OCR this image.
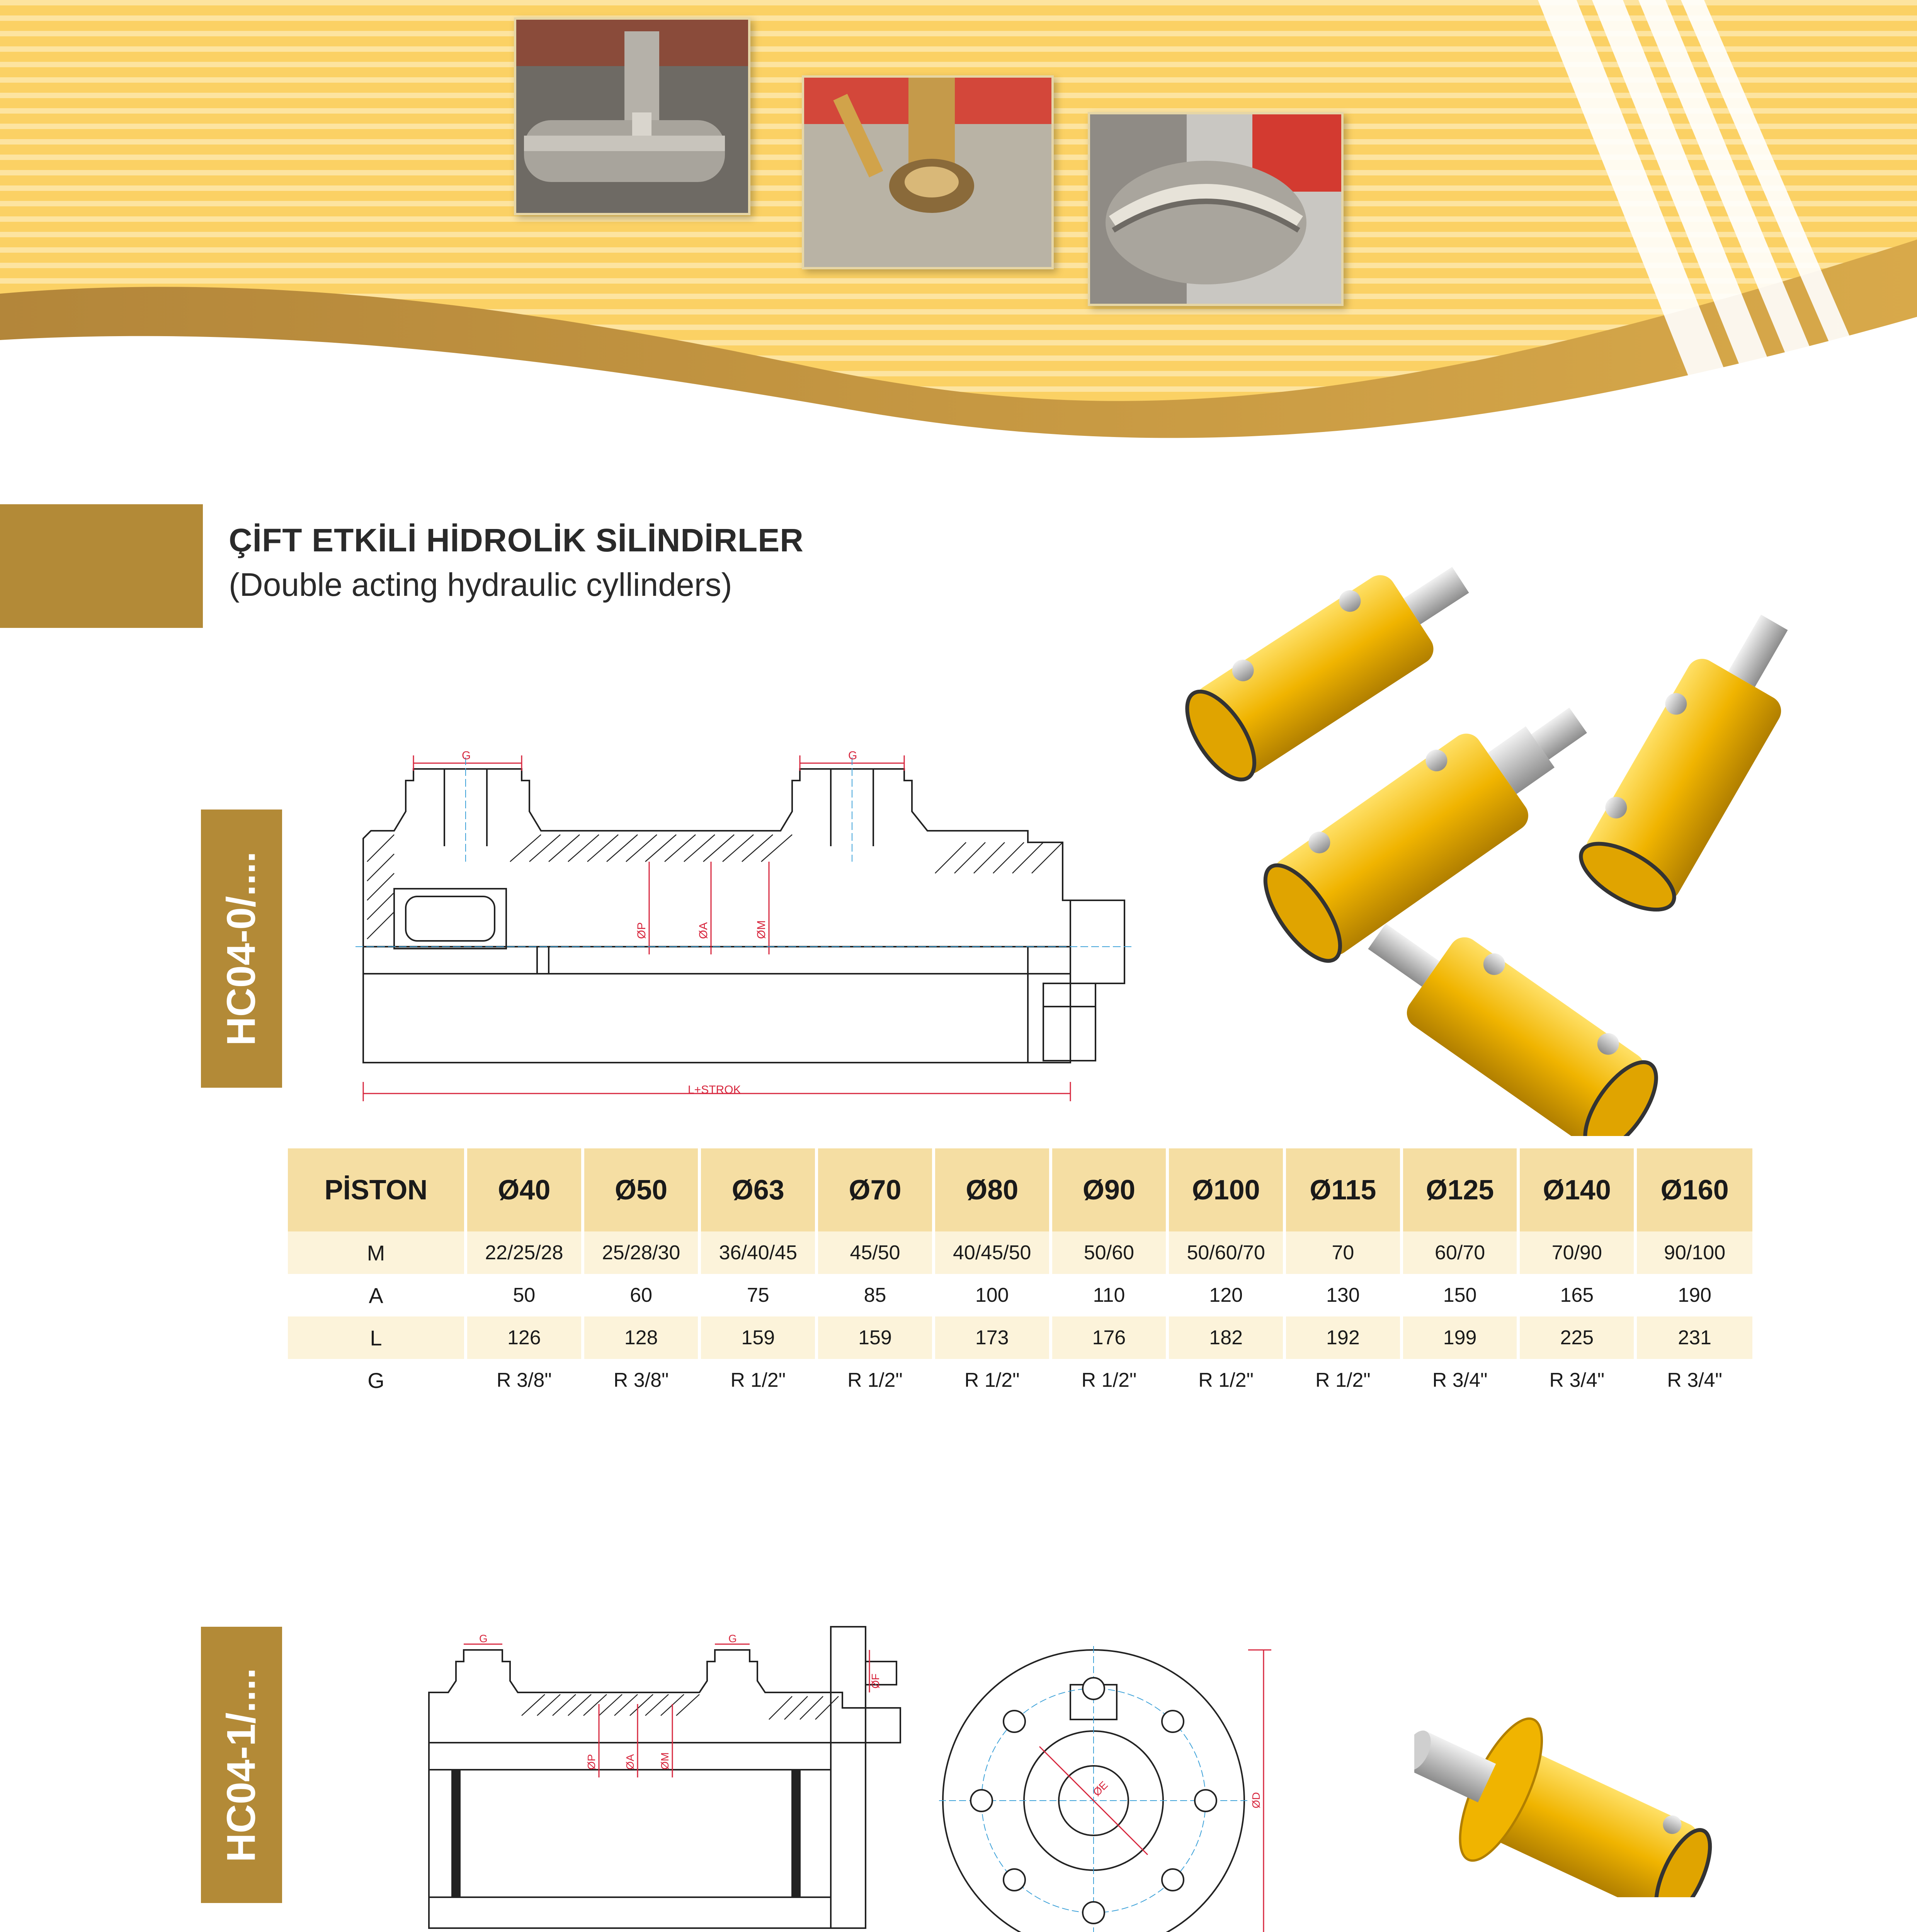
ÇİFT ETKİLİ HİDROLİK SİLİNDİRLER
(Double acting hydraulic cyllinders)
HC04-0/....
G	G
ØP	ØA	ØM
L+STROK
PİSTON	Ø40	Ø50	Ø63	Ø70	Ø80	Ø90	Ø100	Ø115	Ø125	Ø140	Ø160
M	22/25/28	25/28/30	36/40/45	45/50	40/45/50	50/60	50/60/70	70	60/70	70/90	90/100
A	50	60	75	85	100	110	120	130	150	165	190
L	126	128	159	159	173	176	182	192	199	225	231
G	R 3/8"	R 3/8"	R 1/2"	R 1/2"	R 1/2"	R 1/2"	R 1/2"	R 1/2"	R 3/4"	R 3/4"	R 3/4"
HC04-1/....
G	G
ØP ØA ØM
ØF
ØE
ØD
